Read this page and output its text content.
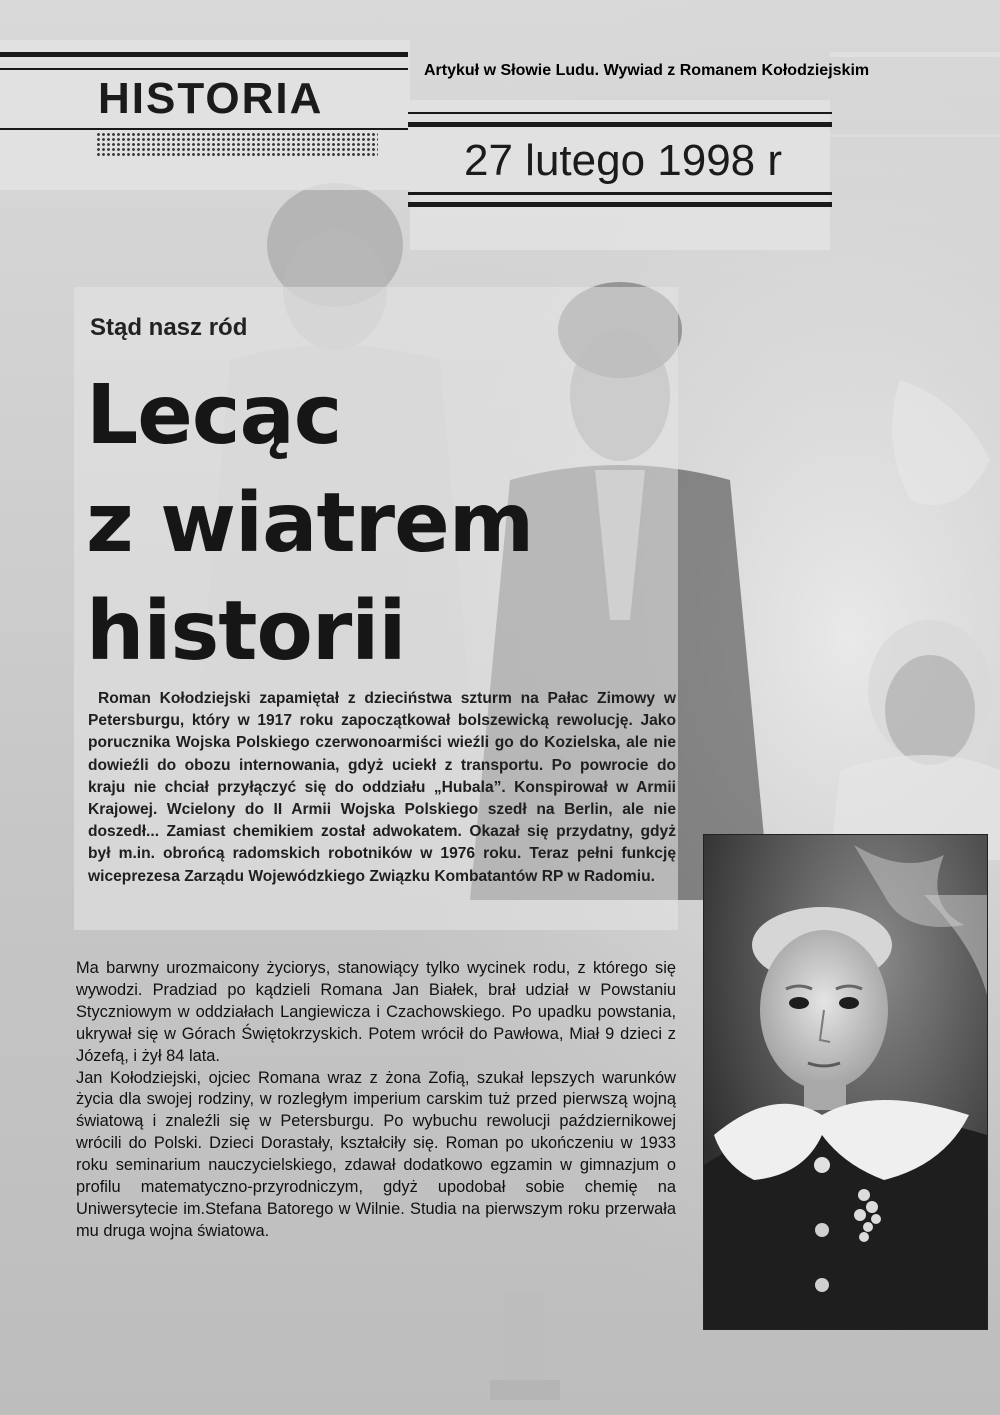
HISTORIA
27 lutego 1998 r

Artykuł w Słowie Ludu. Wywiad z Romanem Kołodziejskim

Stąd nasz ród

Lecąc
z wiatrem
historii

Roman Kołodziejski zapamiętał z dzieciństwa szturm na Pałac Zimowy w Petersburgu, który w 1917 roku zapoczątkował bolszewicką rewolucję. Jako porucznika Wojska Polskiego czerwonoarmiści wieźli go do Kozielska, ale nie dowieźli do obozu internowania, gdyż uciekł z transportu. Po powrocie do kraju nie chciał przyłączyć się do oddziału „Hubala”. Konspirował w Armii Krajowej. Wcielony do II Armii Wojska Polskiego szedł na Berlin, ale nie doszedł... Zamiast chemikiem został adwokatem. Okazał się przydatny, gdyż był m.in. obrońcą radomskich robotników w 1976 roku. Teraz pełni funkcję wiceprezesa Zarządu Wojewódzkiego Związku Kombatantów RP w Radomiu.

Ma barwny urozmaicony życiorys, stanowiący tylko wycinek rodu, z którego się wywodzi. Pradziad po kądzieli Romana Jan Białek, brał udział w Powstaniu Styczniowym w oddziałach Langiewicza i Czachowskiego. Po upadku powstania, ukrywał się w Górach Świętokrzyskich. Potem wrócił do Pawłowa, Miał 9 dzieci z Józefą, i żył 84 lata.

Jan Kołodziejski, ojciec Romana wraz z żona Zofią, szukał lepszych warunków życia dla swojej rodziny, w rozległym imperium carskim tuż przed pierwszą wojną światową i znaleźli się w Petersburgu. Po wybuchu rewolucji październikowej wrócili do Polski. Dzieci Dorastały, kształciły się. Roman po ukończeniu w 1933 roku seminarium nauczycielskiego, zdawał dodatkowo egzamin w gimnazjum o profilu matematyczno-przyrodniczym, gdyż upodobał sobie chemię na Uniwersytecie im.Stefana Batorego w Wilnie. Studia na pierwszym roku przerwała mu druga wojna światowa.
